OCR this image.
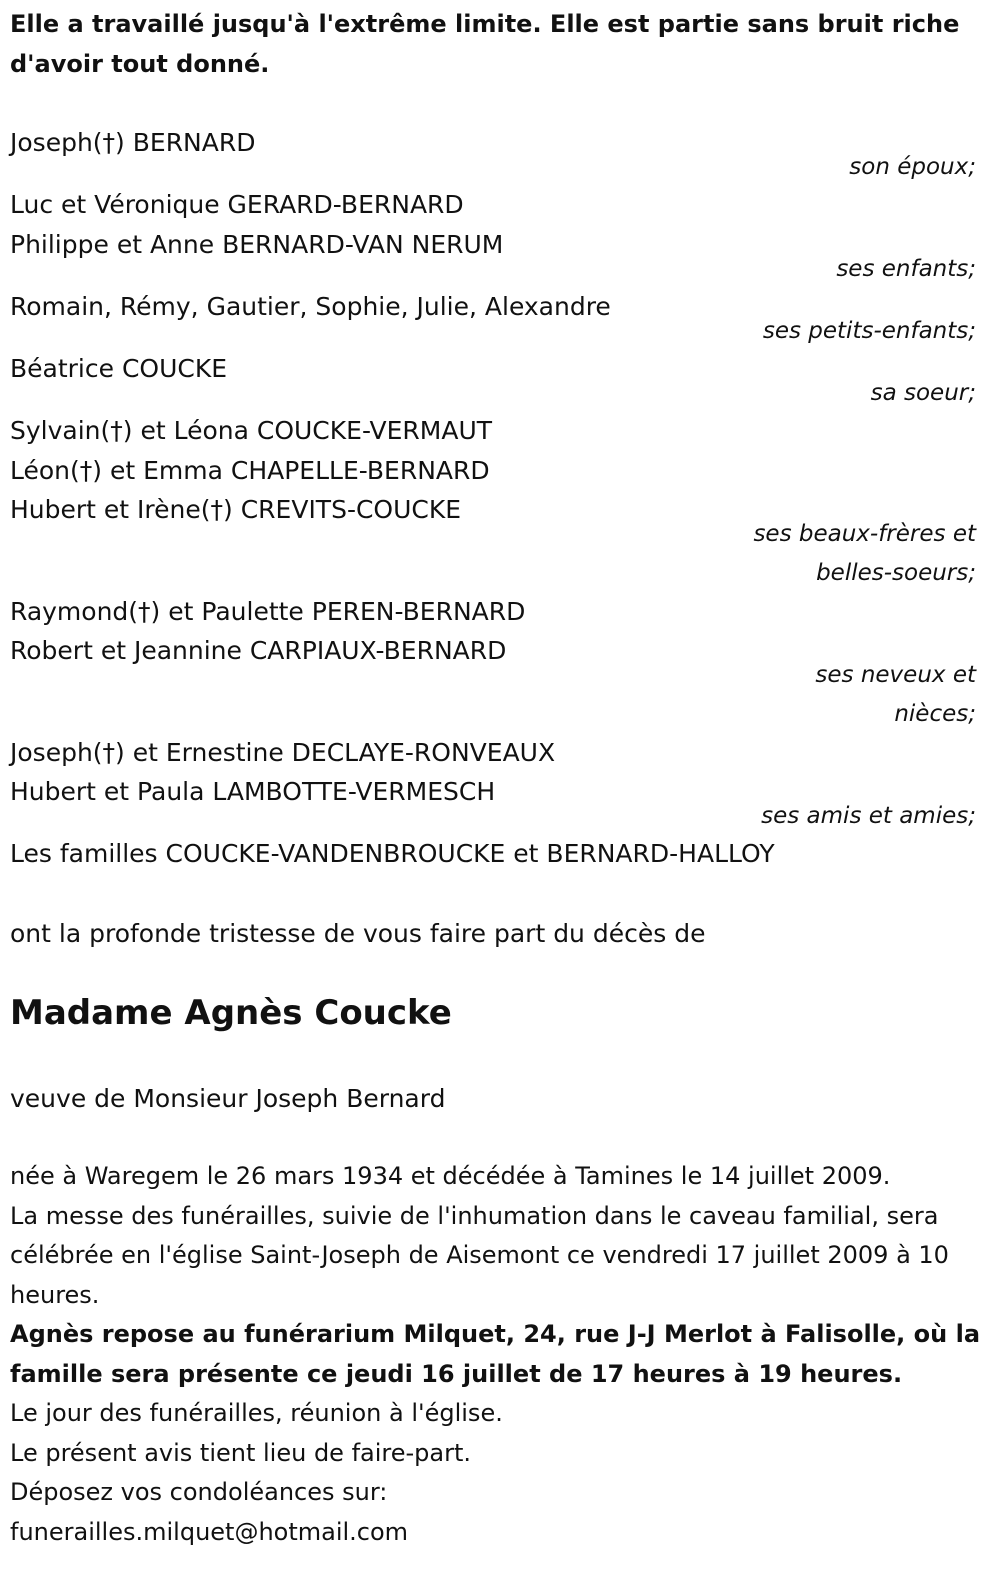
Elle a travaillé jusqu'à l'extrême limite. Elle est partie sans bruit riche d'avoir tout donné.

Joseph(†) BERNARD

son époux;

Luc et Véronique GERARD-BERNARD

Philippe et Anne BERNARD-VAN NERUM

ses enfants;

Romain, Rémy, Gautier, Sophie, Julie, Alexandre

ses petits-enfants;

Béatrice COUCKE

sa soeur;

Sylvain(†) et Léona COUCKE-VERMAUT

Léon(†) et Emma CHAPELLE-BERNARD

Hubert et Irène(†) CREVITS-COUCKE

ses beaux-frères et

belles-soeurs;

Raymond(†) et Paulette PEREN-BERNARD

Robert et Jeannine CARPIAUX-BERNARD

ses neveux et

nièces;

Joseph(†) et Ernestine DECLAYE-RONVEAUX

Hubert et Paula LAMBOTTE-VERMESCH

ses amis et amies;

Les familles COUCKE-VANDENBROUCKE et BERNARD-HALLOY

ont la profonde tristesse de vous faire part du décès de

Madame Agnès Coucke

veuve de Monsieur Joseph Bernard

née à Waregem le 26 mars 1934 et décédée à Tamines le 14 juillet 2009.
La messe des funérailles, suivie de l'inhumation dans le caveau familial, sera célébrée en l'église Saint-Joseph de Aisemont ce vendredi 17 juillet 2009 à 10 heures.
Agnès repose au funérarium Milquet, 24, rue J-J Merlot à Falisolle, où la famille sera présente ce jeudi 16 juillet de 17 heures à 19 heures.
Le jour des funérailles, réunion à l'église.
Le présent avis tient lieu de faire-part.
Déposez vos condoléances sur:
funerailles.milquet@hotmail.com
